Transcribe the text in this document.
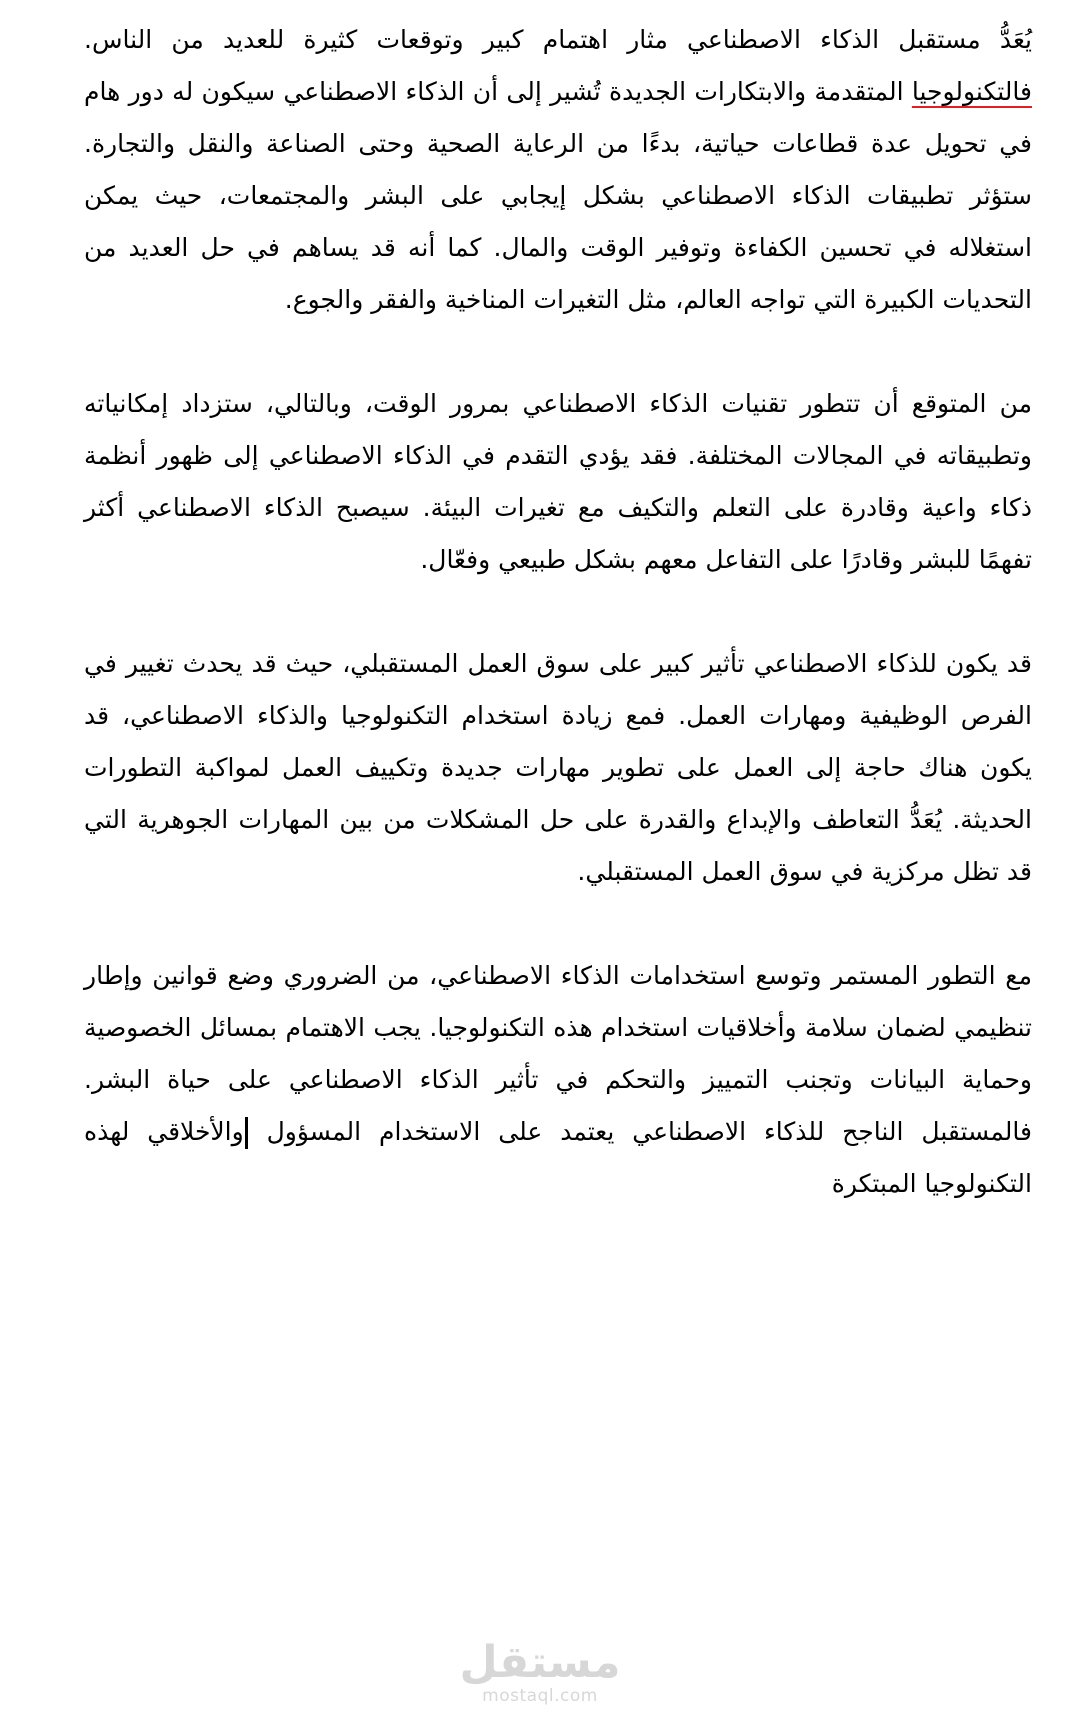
يُعَدُّ مستقبل الذكاء الاصطناعي مثار اهتمام كبير وتوقعات كثيرة للعديد من الناس. فالتكنولوجيا المتقدمة والابتكارات الجديدة تُشير إلى أن الذكاء الاصطناعي سيكون له دور هام في تحويل عدة قطاعات حياتية، بدءًا من الرعاية الصحية وحتى الصناعة والنقل والتجارة. ستؤثر تطبيقات الذكاء الاصطناعي بشكل إيجابي على البشر والمجتمعات، حيث يمكن استغلاله في تحسين الكفاءة وتوفير الوقت والمال. كما أنه قد يساهم في حل العديد من التحديات الكبيرة التي تواجه العالم، مثل التغيرات المناخية والفقر والجوع.

من المتوقع أن تتطور تقنيات الذكاء الاصطناعي بمرور الوقت، وبالتالي، ستزداد إمكانياته وتطبيقاته في المجالات المختلفة. فقد يؤدي التقدم في الذكاء الاصطناعي إلى ظهور أنظمة ذكاء واعية وقادرة على التعلم والتكيف مع تغيرات البيئة. سيصبح الذكاء الاصطناعي أكثر تفهمًا للبشر وقادرًا على التفاعل معهم بشكل طبيعي وفعّال.

قد يكون للذكاء الاصطناعي تأثير كبير على سوق العمل المستقبلي، حيث قد يحدث تغيير في الفرص الوظيفية ومهارات العمل. فمع زيادة استخدام التكنولوجيا والذكاء الاصطناعي، قد يكون هناك حاجة إلى العمل على تطوير مهارات جديدة وتكييف العمل لمواكبة التطورات الحديثة. يُعَدُّ التعاطف والإبداع والقدرة على حل المشكلات من بين المهارات الجوهرية التي قد تظل مركزية في سوق العمل المستقبلي.

مع التطور المستمر وتوسع استخدامات الذكاء الاصطناعي، من الضروري وضع قوانين وإطار تنظيمي لضمان سلامة وأخلاقيات استخدام هذه التكنولوجيا. يجب الاهتمام بمسائل الخصوصية وحماية البيانات وتجنب التمييز والتحكم في تأثير الذكاء الاصطناعي على حياة البشر. فالمستقبل الناجح للذكاء الاصطناعي يعتمد على الاستخدام المسؤول والأخلاقي لهذه التكنولوجيا المبتكرة

مستقل
mostaql.com
